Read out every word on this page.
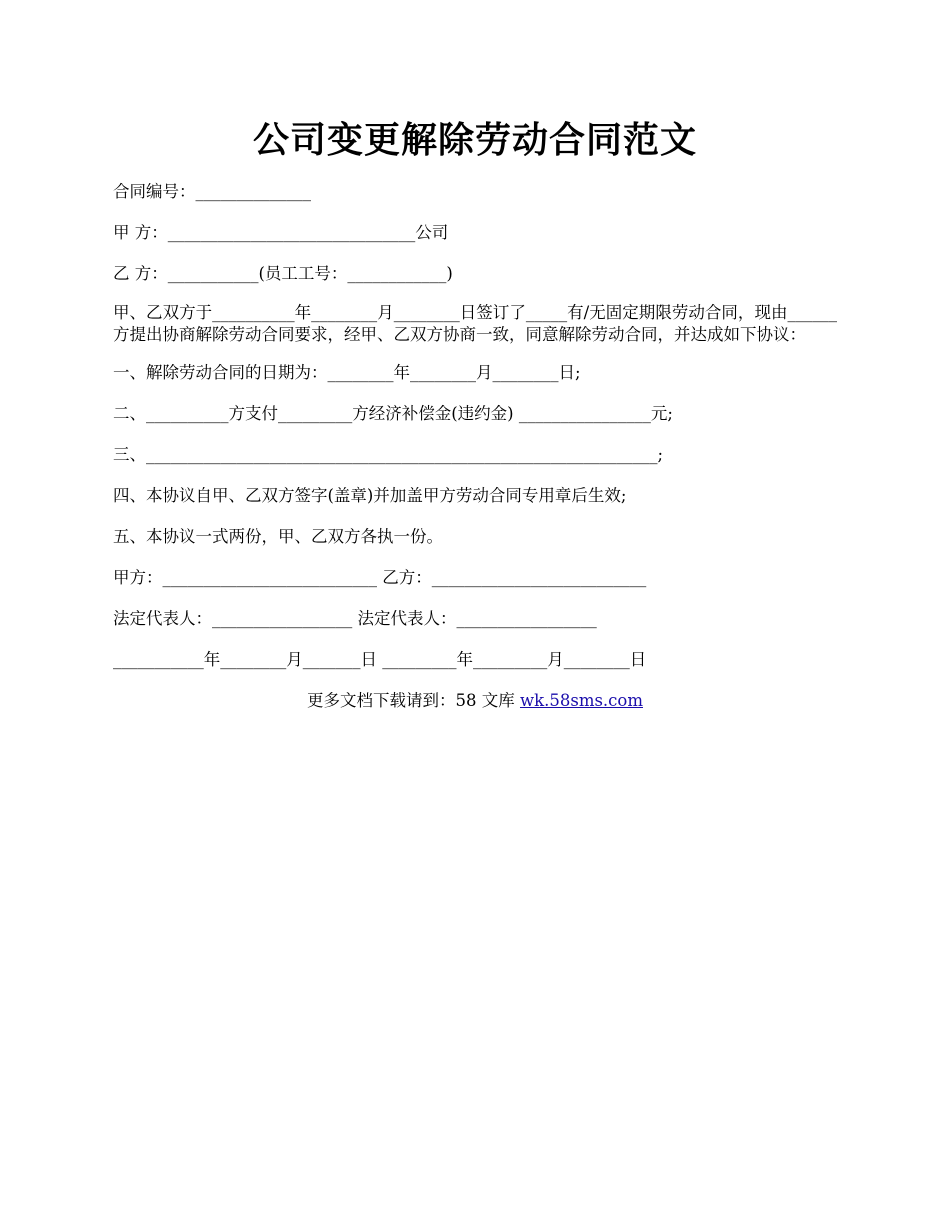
公司变更解除劳动合同范文

合同编号：______________

甲 方：______________________________公司

乙 方：___________(员工工号：____________)

甲、乙双方于__________年________月________日签订了_____有/无固定期限劳动合同，现由______方提出协商解除劳动合同要求，经甲、乙双方协商一致，同意解除劳动合同，并达成如下协议：

一、解除劳动合同的日期为：________年________月________日;

二、__________方支付_________方经济补偿金(违约金) ________________元;

三、______________________________________________________________;

四、本协议自甲、乙双方签字(盖章)并加盖甲方劳动合同专用章后生效;

五、本协议一式两份，甲、乙双方各执一份。

甲方：__________________________ 乙方：__________________________

法定代表人：_________________ 法定代表人：_________________

___________年________月_______日 _________年_________月________日

更多文档下载请到：58 文库 wk.58sms.com
